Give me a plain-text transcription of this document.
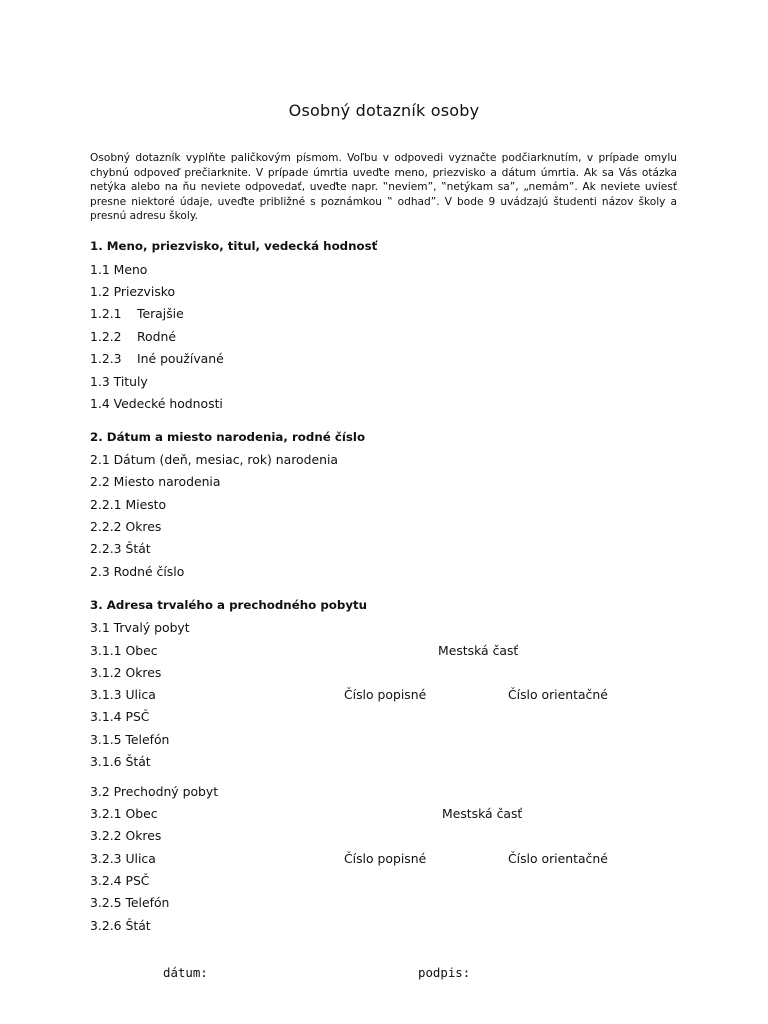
Osobný dotazník osoby
Osobný dotazník vyplňte paličkovým písmom. Voľbu v odpovedi vyznačte podčiarknutím, v prípade omylu chybnú odpoveď prečiarknite. V prípade úmrtia uveďte meno, priezvisko a dátum úmrtia. Ak sa Vás otázka netýka alebo na ňu neviete odpovedať, uveďte napr. ‟neviem”, ‟netýkam sa”, „nemám”. Ak neviete uviesť presne niektoré údaje, uveďte približné s poznámkou ‟ odhad”. V bode 9 uvádzajú študenti názov školy a presnú adresu školy.
1. Meno, priezvisko, titul, vedecká hodnosť
1.1 Meno
1.2 Priezvisko
1.2.1 Terajšie
1.2.2 Rodné
1.2.3 Iné používané
1.3 Tituly
1.4 Vedecké hodnosti
2. Dátum a miesto narodenia, rodné číslo
2.1 Dátum (deň, mesiac, rok) narodenia
2.2 Miesto narodenia
2.2.1 Miesto
2.2.2 Okres
2.2.3 Štát
2.3 Rodné číslo
3. Adresa trvalého a prechodného pobytu
3.1 Trvalý pobyt
3.1.1 Obec	Mestská časť
3.1.2 Okres
3.1.3 Ulica	Číslo popisné	Číslo orientačné
3.1.4 PSČ
3.1.5 Telefón
3.1.6 Štát
3.2 Prechodný pobyt
3.2.1 Obec	Mestská časť
3.2.2 Okres
3.2.3 Ulica	Číslo popisné	Číslo orientačné
3.2.4 PSČ
3.2.5 Telefón
3.2.6 Štát
dátum:	podpis:
